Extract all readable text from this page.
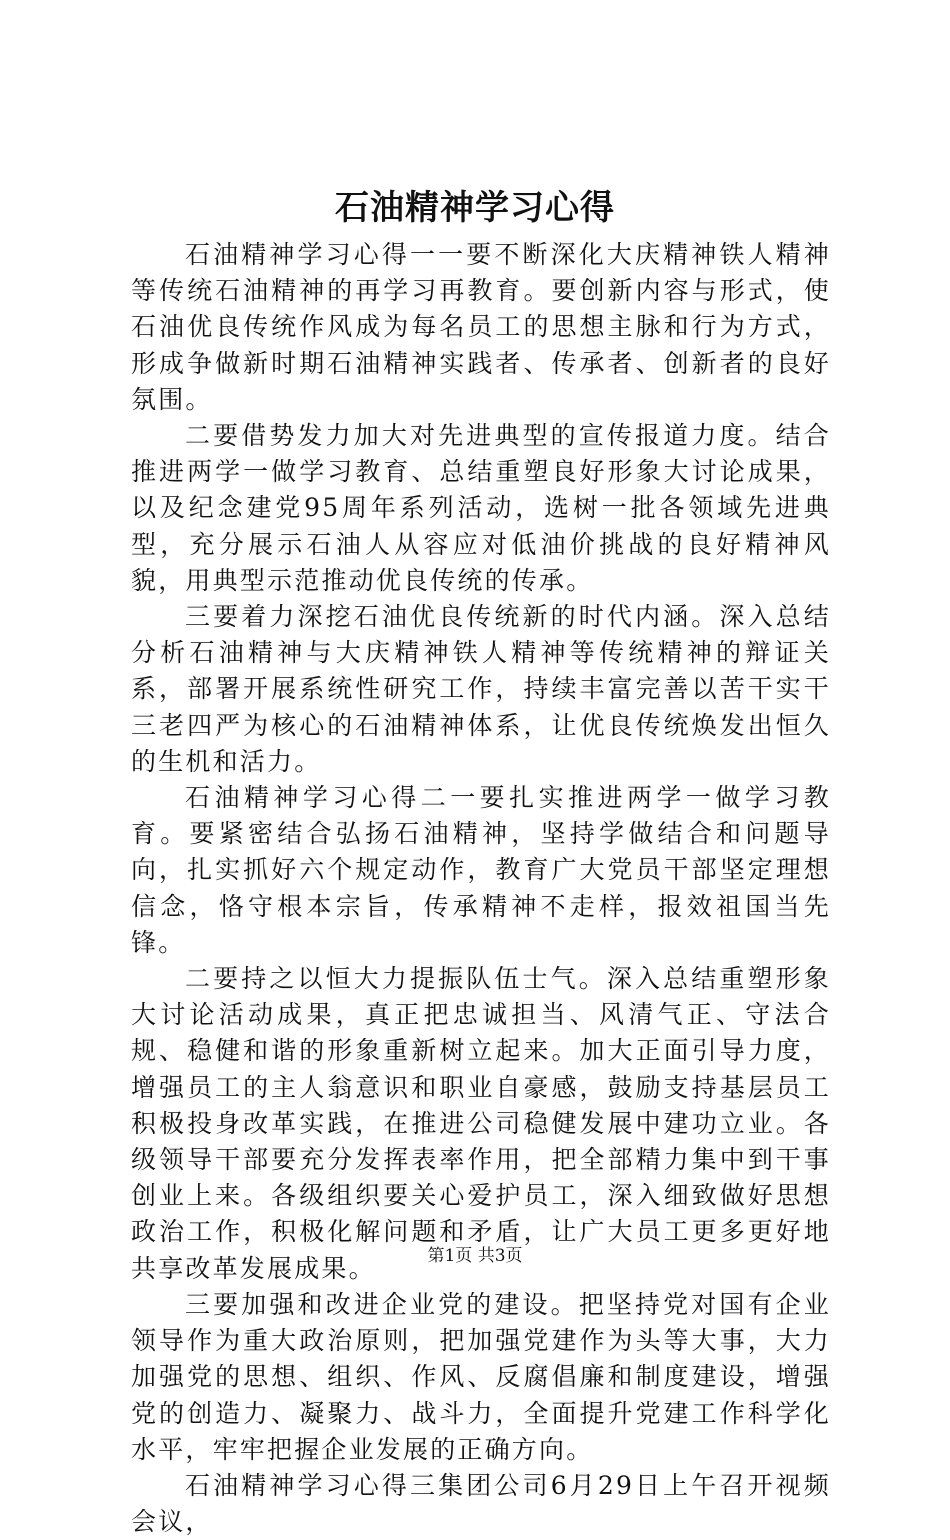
石油精神学习心得

石油精神学习心得一一要不断深化大庆精神铁人精神等传统石油精神的再学习再教育。要创新内容与形式，使石油优良传统作风成为每名员工的思想主脉和行为方式，形成争做新时期石油精神实践者、传承者、创新者的良好氛围。

二要借势发力加大对先进典型的宣传报道力度。结合推进两学一做学习教育、总结重塑良好形象大讨论成果，以及纪念建党95周年系列活动，选树一批各领域先进典型，充分展示石油人从容应对低油价挑战的良好精神风貌，用典型示范推动优良传统的传承。

三要着力深挖石油优良传统新的时代内涵。深入总结分析石油精神与大庆精神铁人精神等传统精神的辩证关系，部署开展系统性研究工作，持续丰富完善以苦干实干三老四严为核心的石油精神体系，让优良传统焕发出恒久的生机和活力。

石油精神学习心得二一要扎实推进两学一做学习教育。要紧密结合弘扬石油精神，坚持学做结合和问题导向，扎实抓好六个规定动作，教育广大党员干部坚定理想信念，恪守根本宗旨，传承精神不走样，报效祖国当先锋。

二要持之以恒大力提振队伍士气。深入总结重塑形象大讨论活动成果，真正把忠诚担当、风清气正、守法合规、稳健和谐的形象重新树立起来。加大正面引导力度，增强员工的主人翁意识和职业自豪感，鼓励支持基层员工积极投身改革实践，在推进公司稳健发展中建功立业。各级领导干部要充分发挥表率作用，把全部精力集中到干事创业上来。各级组织要关心爱护员工，深入细致做好思想政治工作，积极化解问题和矛盾，让广大员工更多更好地共享改革发展成果。

三要加强和改进企业党的建设。把坚持党对国有企业领导作为重大政治原则，把加强党建作为头等大事，大力加强党的思想、组织、作风、反腐倡廉和制度建设，增强党的创造力、凝聚力、战斗力，全面提升党建工作科学化水平，牢牢把握企业发展的正确方向。

石油精神学习心得三集团公司6月29日上午召开视频会议，

第1页 共3页
